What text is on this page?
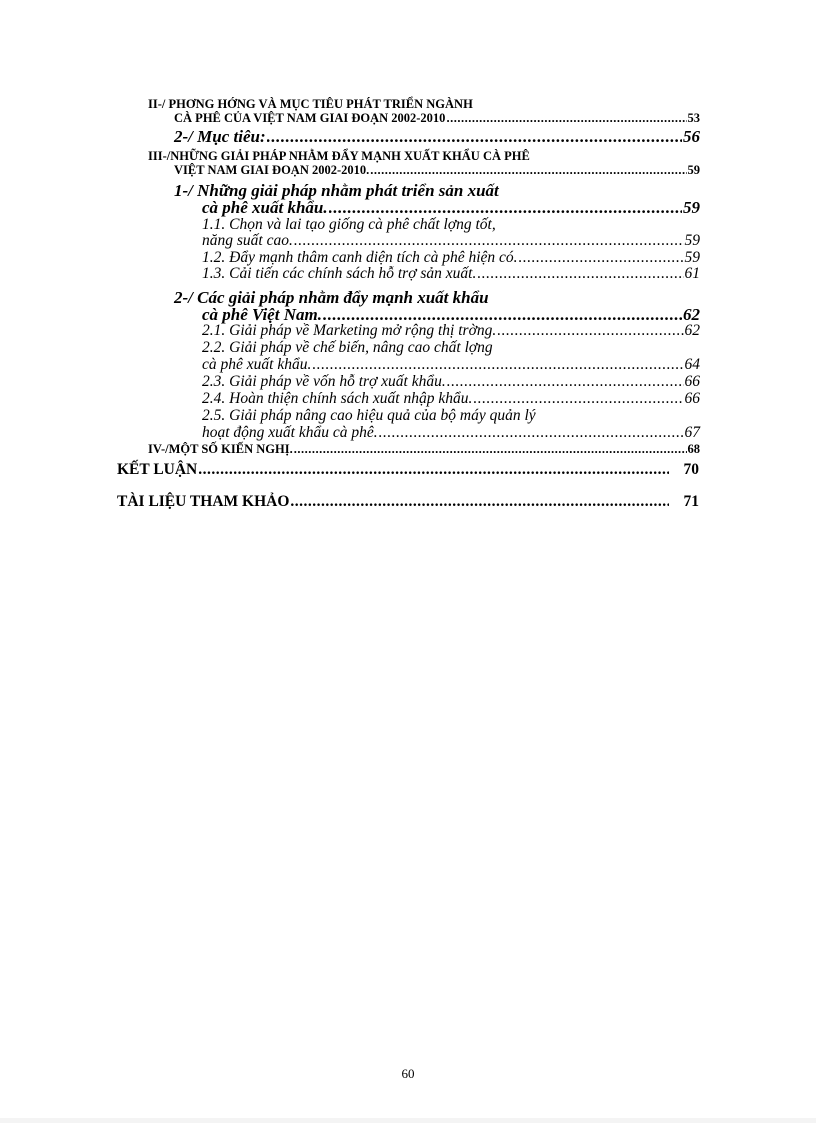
II-/ PHƠNG HỚNG VÀ MỤC TIÊU PHÁT TRIỂN NGÀNH
CÀ PHÊ CỦA VIỆT NAM GIAI ĐOẠN 2002-2010 .....	53
2-/ Mục tiêu: .....	56
III-/NHỮNG GIẢI PHÁP NHẰM ĐẨY MẠNH XUẤT KHẨU CÀ PHÊ
VIỆT NAM GIAI ĐOẠN 2002-2010. .....	59
1-/ Những giải pháp nhằm phát triển sản xuất
cà phê xuất khẩu. .....	59
1.1. Chọn và lai tạo giống cà phê chất lợng tốt,
năng suất cao. .....	59
1.2. Đẩy mạnh thâm canh diện tích cà phê hiện có. .....	59
1.3. Cải tiến các chính sách hỗ trợ sản xuất. .....	61
2-/ Các giải pháp nhằm đẩy mạnh xuất khẩu
cà phê Việt Nam. .....	62
2.1. Giải pháp về Marketing mở rộng thị trờng. .....	62
2.2. Giải pháp về chế biến, nâng cao chất lợng
cà phê xuất khẩu. .....	64
2.3. Giải pháp về vốn hỗ trợ xuất khẩu. .....	66
2.4. Hoàn thiện chính sách xuất nhập khẩu. .....	66
2.5. Giải pháp nâng cao hiệu quả của bộ máy quản lý
hoạt động xuất khẩu cà phê. .....	67
IV-/MỘT SỐ KIẾN NGHỊ. .....	68
KẾT LUẬN .....	70
TÀI LIỆU THAM KHẢO .....	71
60
